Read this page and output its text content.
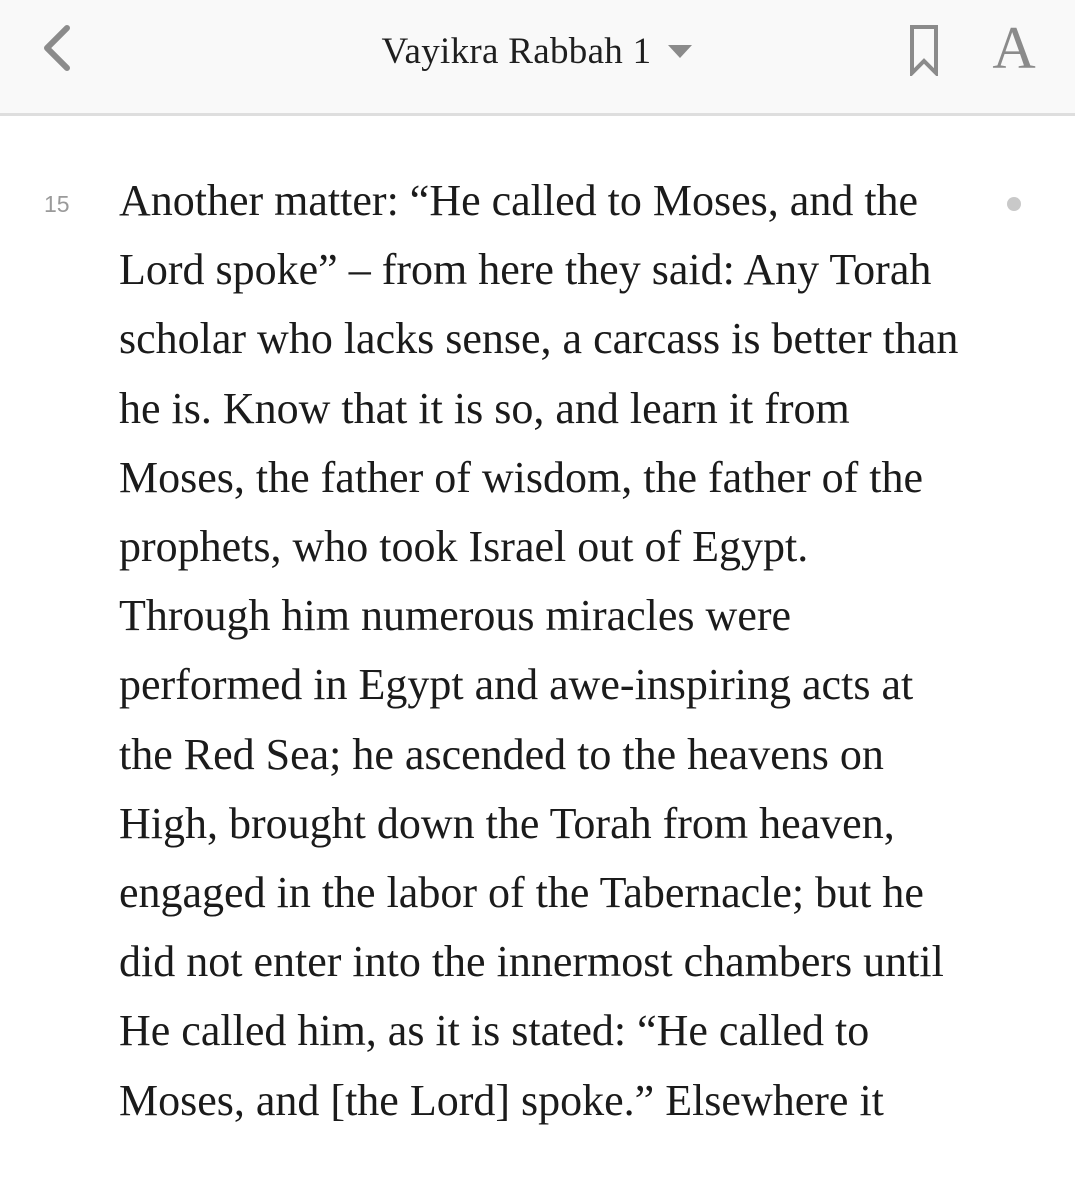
Vayikra Rabbah 1	A
15 Another matter: “He called to Moses, and the Lord spoke” – from here they said: Any Torah scholar who lacks sense, a carcass is better than he is. Know that it is so, and learn it from Moses, the father of wisdom, the father of the prophets, who took Israel out of Egypt. Through him numerous miracles were performed in Egypt and awe-inspiring acts at the Red Sea; he ascended to the heavens on High, brought down the Torah from heaven, engaged in the labor of the Tabernacle; but he did not enter into the innermost chambers until He called him, as it is stated: “He called to Moses, and [the Lord] spoke.” Elsewhere it
